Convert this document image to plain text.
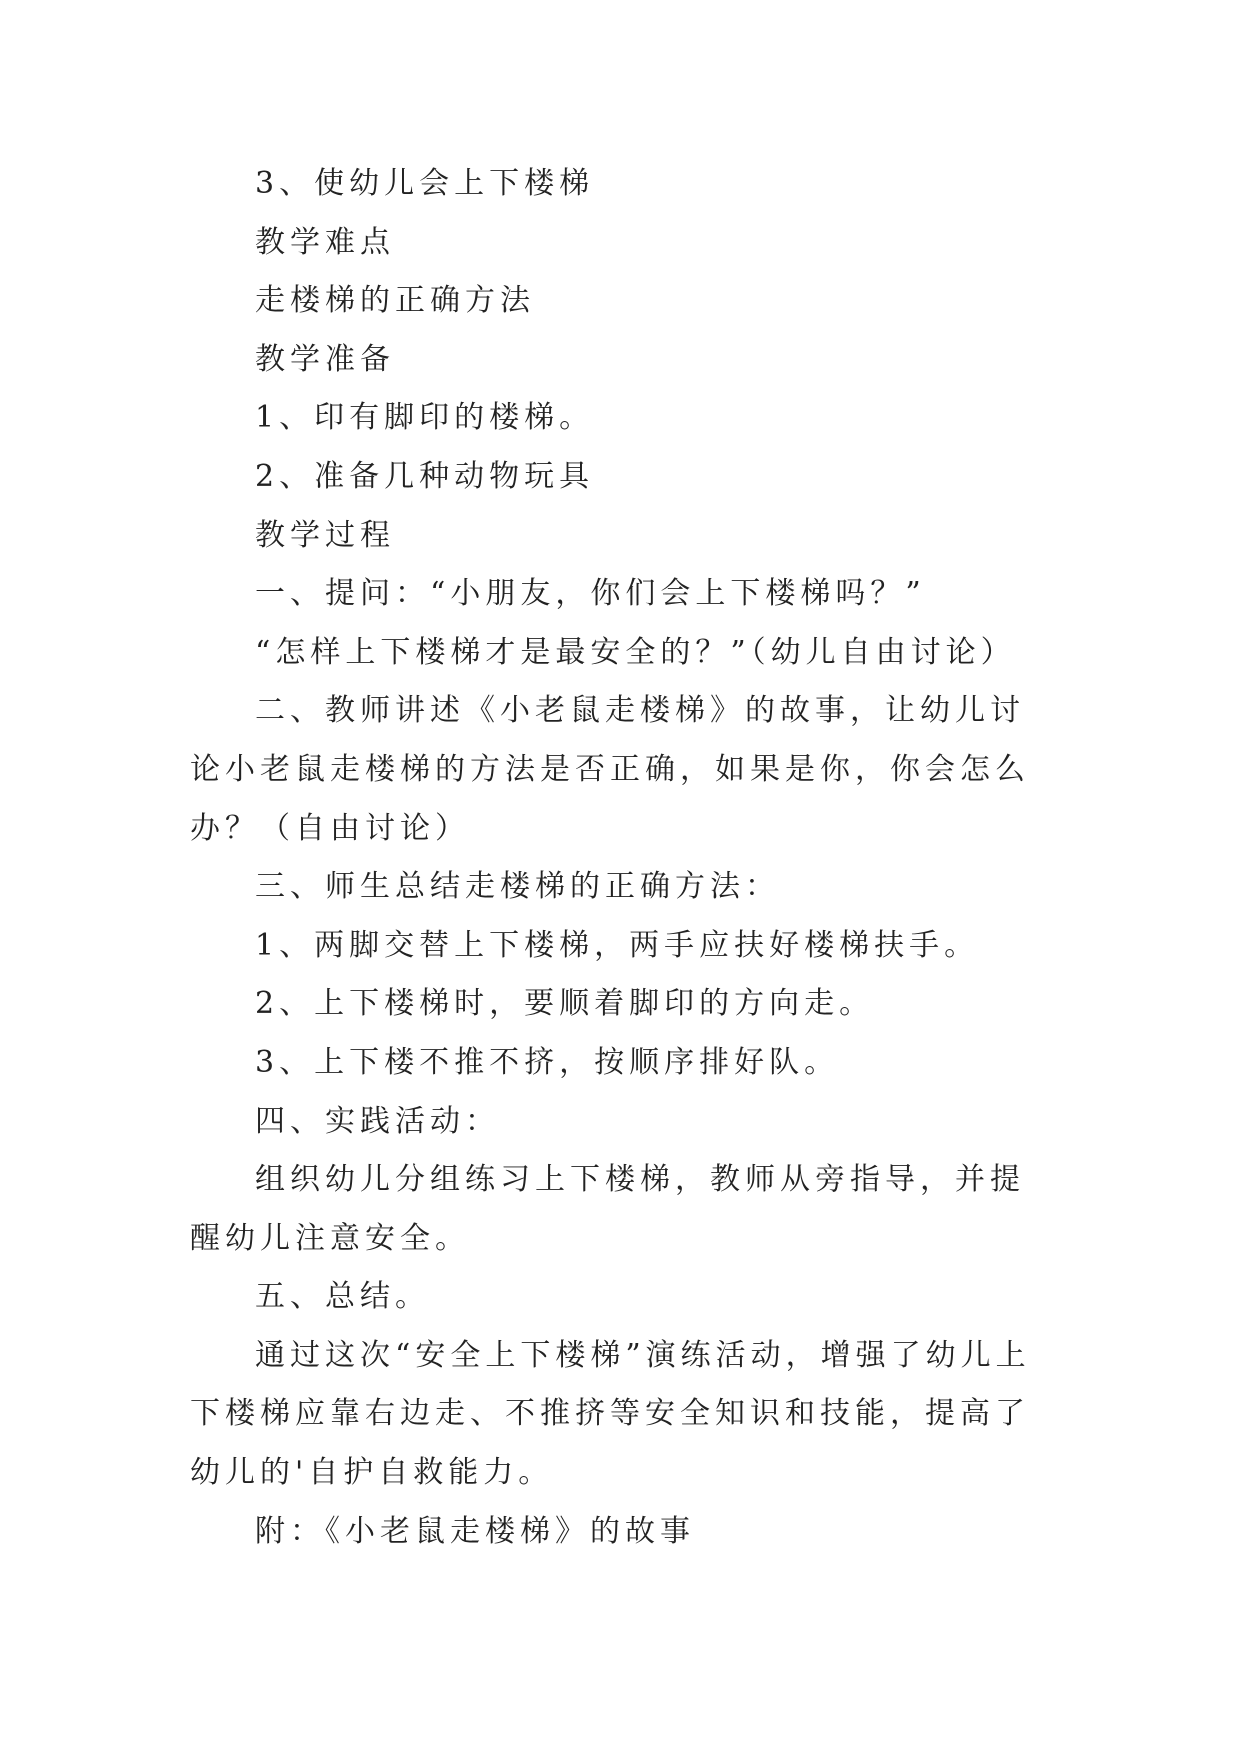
3、使幼儿会上下楼梯

教学难点

走楼梯的正确方法

教学准备

1、印有脚印的楼梯。

2、准备几种动物玩具

教学过程

一、提问：“小朋友，你们会上下楼梯吗？”

“怎样上下楼梯才是最安全的？”（幼儿自由讨论）

二、教师讲述《小老鼠走楼梯》的故事，让幼儿讨论小老鼠走楼梯的方法是否正确，如果是你，你会怎么办？（自由讨论）

三、师生总结走楼梯的正确方法：

1、两脚交替上下楼梯，两手应扶好楼梯扶手。

2、上下楼梯时，要顺着脚印的方向走。

3、上下楼不推不挤，按顺序排好队。

四、实践活动：

组织幼儿分组练习上下楼梯，教师从旁指导，并提醒幼儿注意安全。

五、总结。

通过这次“安全上下楼梯”演练活动，增强了幼儿上下楼梯应靠右边走、不推挤等安全知识和技能，提高了幼儿的'自护自救能力。

附：《小老鼠走楼梯》的故事
